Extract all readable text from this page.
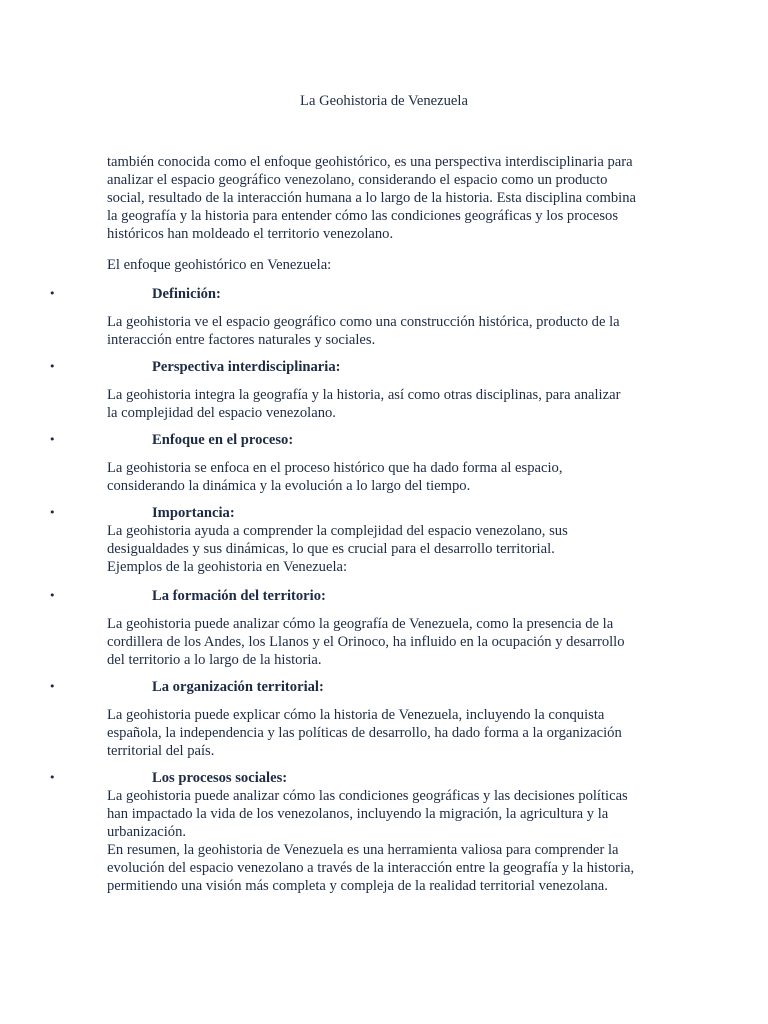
La Geohistoria de Venezuela

también conocida como el enfoque geohistórico, es una perspectiva interdisciplinaria para

analizar el espacio geográfico venezolano, considerando el espacio como un producto

social, resultado de la interacción humana a lo largo de la historia. Esta disciplina combina

la geografía y la historia para entender cómo las condiciones geográficas y los procesos

históricos han moldeado el territorio venezolano.

El enfoque geohistórico en Venezuela:

•	Definición:

La geohistoria ve el espacio geográfico como una construcción histórica, producto de la

interacción entre factores naturales y sociales.

•	Perspectiva interdisciplinaria:

La geohistoria integra la geografía y la historia, así como otras disciplinas, para analizar

la complejidad del espacio venezolano.

•	Enfoque en el proceso:

La geohistoria se enfoca en el proceso histórico que ha dado forma al espacio,

considerando la dinámica y la evolución a lo largo del tiempo.

•	Importancia:

La geohistoria ayuda a comprender la complejidad del espacio venezolano, sus

desigualdades y sus dinámicas, lo que es crucial para el desarrollo territorial.

Ejemplos de la geohistoria en Venezuela:

•	La formación del territorio:

La geohistoria puede analizar cómo la geografía de Venezuela, como la presencia de la

cordillera de los Andes, los Llanos y el Orinoco, ha influido en la ocupación y desarrollo

del territorio a lo largo de la historia.

•	La organización territorial:

La geohistoria puede explicar cómo la historia de Venezuela, incluyendo la conquista

española, la independencia y las políticas de desarrollo, ha dado forma a la organización

territorial del país.

•	Los procesos sociales:

La geohistoria puede analizar cómo las condiciones geográficas y las decisiones políticas

han impactado la vida de los venezolanos, incluyendo la migración, la agricultura y la

urbanización.

En resumen, la geohistoria de Venezuela es una herramienta valiosa para comprender la

evolución del espacio venezolano a través de la interacción entre la geografía y la historia,

permitiendo una visión más completa y compleja de la realidad territorial venezolana.
